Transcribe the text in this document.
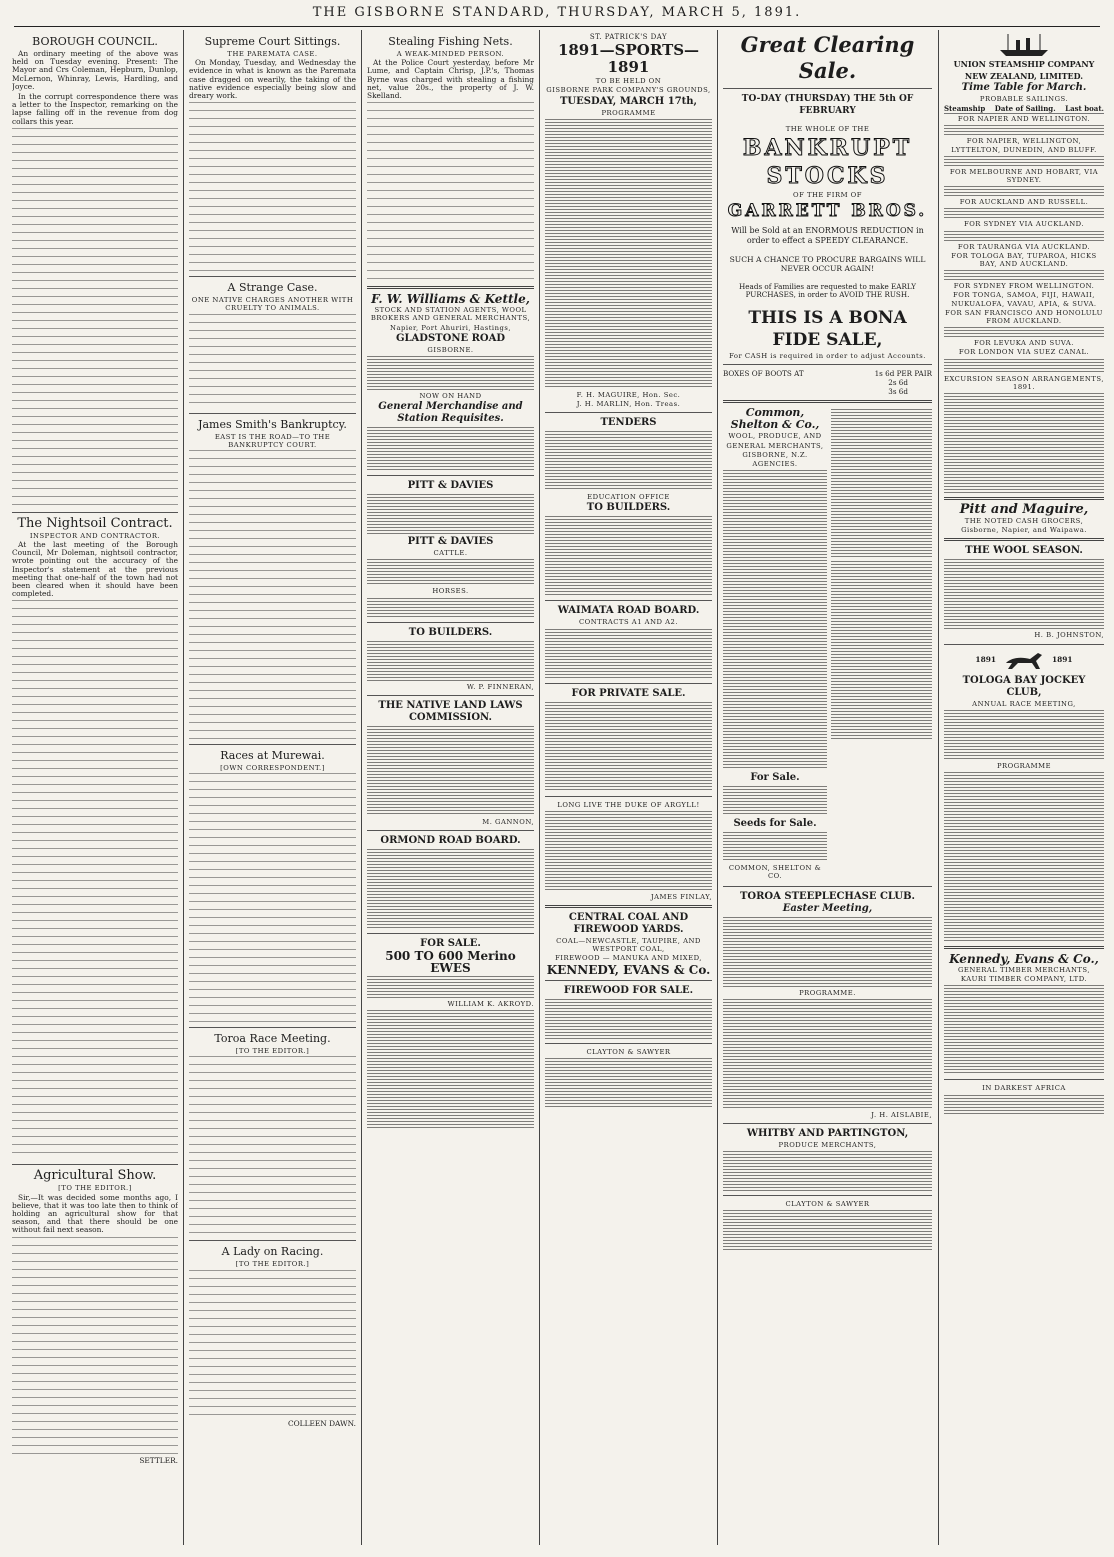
THE GISBORNE STANDARD, THURSDAY, MARCH 5, 1891.
BOROUGH COUNCIL.

An ordinary meeting of the above was held on Tuesday evening. Present: The Mayor and Crs Coleman, Hepburn, Dunlop, McLernon, Whinray, Lewis, Hardling, and Joyce.

In the corrupt correspondence there was a letter to the Inspector, remarking on the lapse falling off in the revenue from dog collars this year.

The Nightsoil Contract.
INSPECTOR AND CONTRACTOR.

At the last meeting of the Borough Council, Mr Doleman, nightsoil contractor, wrote pointing out the accuracy of the Inspector's statement at the previous meeting that one-half of the town had not been cleared when it should have been completed.

Agricultural Show.
[TO THE EDITOR.]

Sir,—It was decided some months ago, I believe, that it was too late then to think of holding an agricultural show for that season, and that there should be one without fail next season.

SETTLER.
Supreme Court Sittings.
THE PAREMATA CASE.

On Monday, Tuesday, and Wednesday the evidence in what is known as the Paremata case dragged on wearily, the taking of the native evidence especially being slow and dreary work.

A Strange Case.
ONE NATIVE CHARGES ANOTHER WITH CRUELTY TO ANIMALS.
James Smith's Bankruptcy.
EAST IS THE ROAD—TO THE BANKRUPTCY COURT.
Races at Murewai.
[OWN CORRESPONDENT.]
Toroa Race Meeting.
[TO THE EDITOR.]
A Lady on Racing.
[TO THE EDITOR.]
COLLEEN DAWN.
Stealing Fishing Nets.
A WEAK-MINDED PERSON.

At the Police Court yesterday, before Mr Lume, and Captain Chrisp, J.P.'s, Thomas Byrne was charged with stealing a fishing net, value 20s., the property of J. W. Skelland.

F. W. Williams & Kettle,
STOCK AND STATION AGENTS, WOOL BROKERS AND GENERAL MERCHANTS,
Napier, Port Ahuriri, Hastings,
GLADSTONE ROAD
GISBORNE.
NOW ON HAND
General Merchandise and Station Requisites.
PITT & DAVIES
PITT & DAVIES
CATTLE.
HORSES.
TO BUILDERS.
W. P. FINNERAN,
THE NATIVE LAND LAWS COMMISSION.
M. GANNON,
ORMOND ROAD BOARD.
FOR SALE.
500 TO 600 Merino EWES
WILLIAM K. AKROYD.
ST. PATRICK'S DAY
1891—SPORTS—1891
TO BE HELD ON
GISBORNE PARK COMPANY'S GROUNDS,
TUESDAY, MARCH 17th,
PROGRAMME
F. H. MAGUIRE, Hon. Sec.
J. H. MARLIN, Hon. Treas.
TENDERS
EDUCATION OFFICE
TO BUILDERS.
WAIMATA ROAD BOARD.
CONTRACTS A1 AND A2.
FOR PRIVATE SALE.
LONG LIVE THE DUKE OF ARGYLL!
JAMES FINLAY,
CENTRAL COAL AND FIREWOOD YARDS.
COAL—NEWCASTLE, TAUPIRE, AND WESTPORT COAL,
FIREWOOD — MANUKA AND MIXED,
KENNEDY, EVANS & Co.
FIREWOOD FOR SALE.
CLAYTON & SAWYER
Great Clearing Sale.
TO-DAY (THURSDAY) THE 5th OF FEBRUARY
THE WHOLE OF THE
BANKRUPT STOCKS
OF THE FIRM OF
GARRETT BROS.
Will be Sold at an ENORMOUS REDUCTION in order to effect a SPEEDY CLEARANCE.
SUCH A CHANCE TO PROCURE BARGAINS WILL NEVER OCCUR AGAIN!
Heads of Families are requested to make EARLY PURCHASES, in order to AVOID THE RUSH.
THIS IS A BONA FIDE SALE,
For CASH is required in order to adjust Accounts.
BOXES OF BOOTS AT	1s 6d PER PAIR
2s 6d
3s 6d
Common, Shelton & Co.,
WOOL, PRODUCE, AND
GENERAL MERCHANTS,
GISBORNE, N.Z.
AGENCIES.
For Sale.
Seeds for Sale.
COMMON, SHELTON & CO.
TOROA STEEPLECHASE CLUB.
Easter Meeting,
PROGRAMME.
J. H. AISLABIE,
WHITBY AND PARTINGTON,
PRODUCE MERCHANTS,
CLAYTON & SAWYER
UNION STEAMSHIP COMPANY NEW ZEALAND, LIMITED.
Time Table for March.
PROBABLE SAILINGS.
Steamship Date of Sailing. Last boat.
FOR NAPIER AND WELLINGTON.
FOR NAPIER, WELLINGTON, LYTTELTON, DUNEDIN, AND BLUFF.
FOR MELBOURNE AND HOBART, VIA SYDNEY.
FOR AUCKLAND AND RUSSELL.
FOR SYDNEY VIA AUCKLAND.
FOR TAURANGA VIA AUCKLAND.
FOR TOLOGA BAY, TUPAROA, HICKS BAY, AND AUCKLAND.
FOR SYDNEY FROM WELLINGTON.
FOR TONGA, SAMOA, FIJI, HAWAII, NUKUALOFA, VAVAU, APIA, & SUVA.
FOR SAN FRANCISCO AND HONOLULU FROM AUCKLAND.
FOR LEVUKA AND SUVA.
FOR LONDON VIA SUEZ CANAL.
EXCURSION SEASON ARRANGEMENTS, 1891.
Pitt and Maguire,
THE NOTED CASH GROCERS,
Gisborne, Napier, and Waipawa.
THE WOOL SEASON.
H. B. JOHNSTON,
1891	1891
TOLOGA BAY JOCKEY CLUB,
ANNUAL RACE MEETING,
PROGRAMME
Kennedy, Evans & Co.,
GENERAL TIMBER MERCHANTS,
KAURI TIMBER COMPANY, LTD.
IN DARKEST AFRICA
